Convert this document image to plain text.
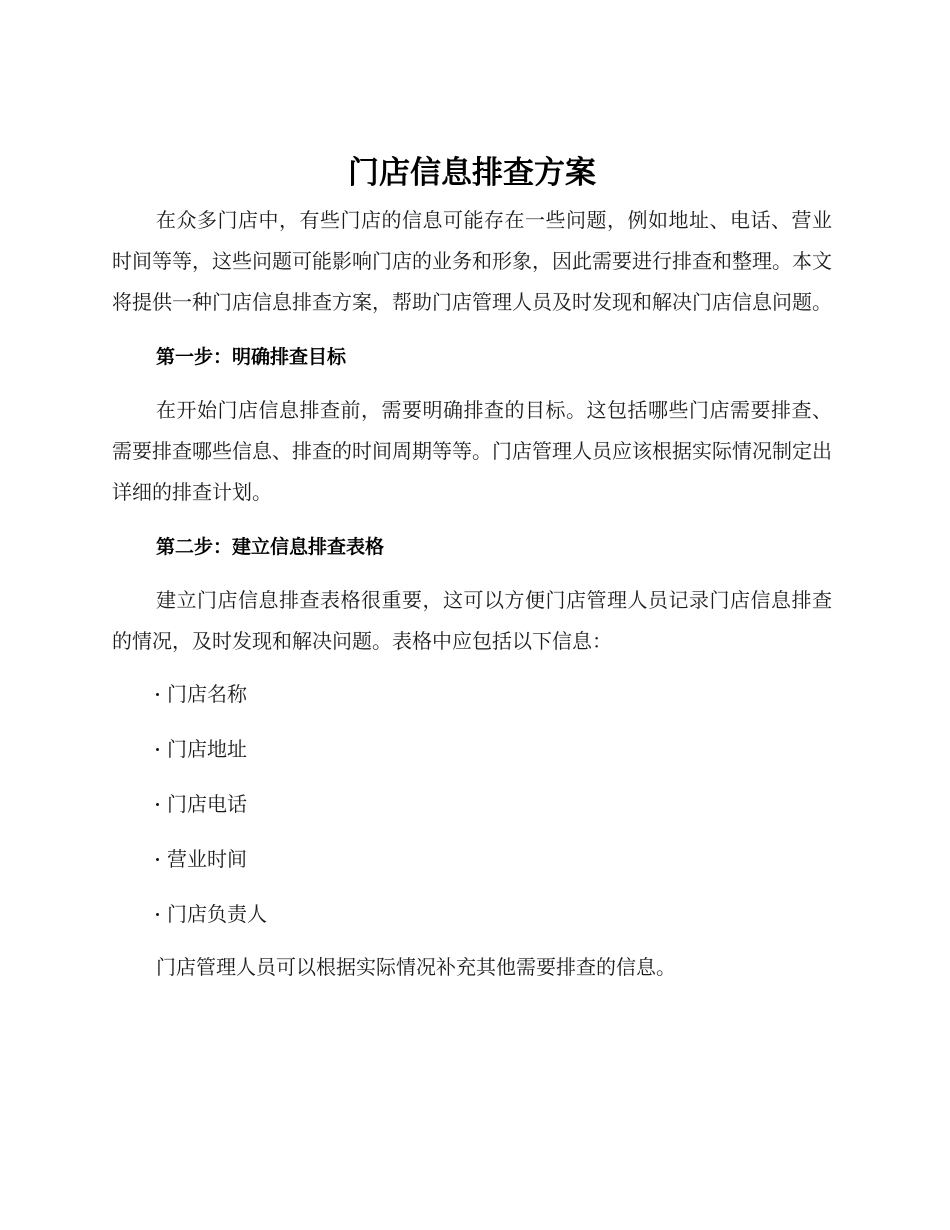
门店信息排查方案

在众多门店中，有些门店的信息可能存在一些问题，例如地址、电话、营业时间等等，这些问题可能影响门店的业务和形象，因此需要进行排查和整理。本文将提供一种门店信息排查方案，帮助门店管理人员及时发现和解决门店信息问题。

第一步：明确排查目标

在开始门店信息排查前，需要明确排查的目标。这包括哪些门店需要排查、需要排查哪些信息、排查的时间周期等等。门店管理人员应该根据实际情况制定出详细的排查计划。

第二步：建立信息排查表格

建立门店信息排查表格很重要，这可以方便门店管理人员记录门店信息排查的情况，及时发现和解决问题。表格中应包括以下信息：

门店名称
门店地址
门店电话
营业时间
门店负责人

门店管理人员可以根据实际情况补充其他需要排查的信息。
